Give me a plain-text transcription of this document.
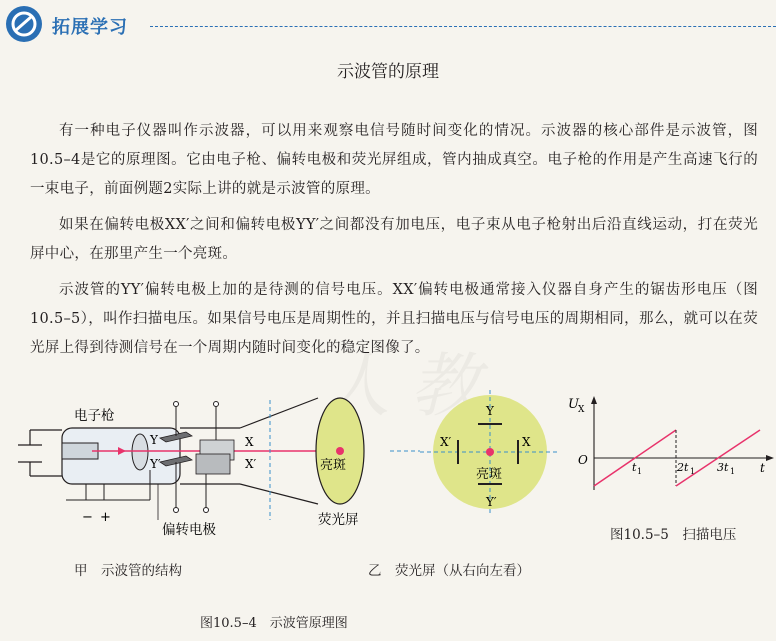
拓展学习
示波管的原理

有一种电子仪器叫作示波器，可以用来观察电信号随时间变化的情况。示波器的核心部件是示波管，图10.5–4是它的原理图。它由电子枪、偏转电极和荧光屏组成，管内抽成真空。电子枪的作用是产生高速飞行的一束电子，前面例题2实际上讲的就是示波管的原理。

如果在偏转电极XX′之间和偏转电极YY′之间都没有加电压，电子束从电子枪射出后沿直线运动，打在荧光屏中心，在那里产生一个亮斑。

示波管的YY′偏转电极上加的是待测的信号电压。XX′偏转电极通常接入仪器自身产生的锯齿形电压（图10.5–5），叫作扫描电压。如果信号电压是周期性的，并且扫描电压与信号电压的周期相同，那么，就可以在荧光屏上得到待测信号在一个周期内随时间变化的稳定图像了。

电子枪
Y
Y′
X
X′
− +
偏转电极
亮斑
荧光屏
Y
Y′
X′	X
亮斑
U X
O
t 1	2t 1 3t 1 t
图10.5–5　扫描电压
甲　示波管的结构	乙　荧光屏（从右向左看）
图10.5–4　示波管原理图
